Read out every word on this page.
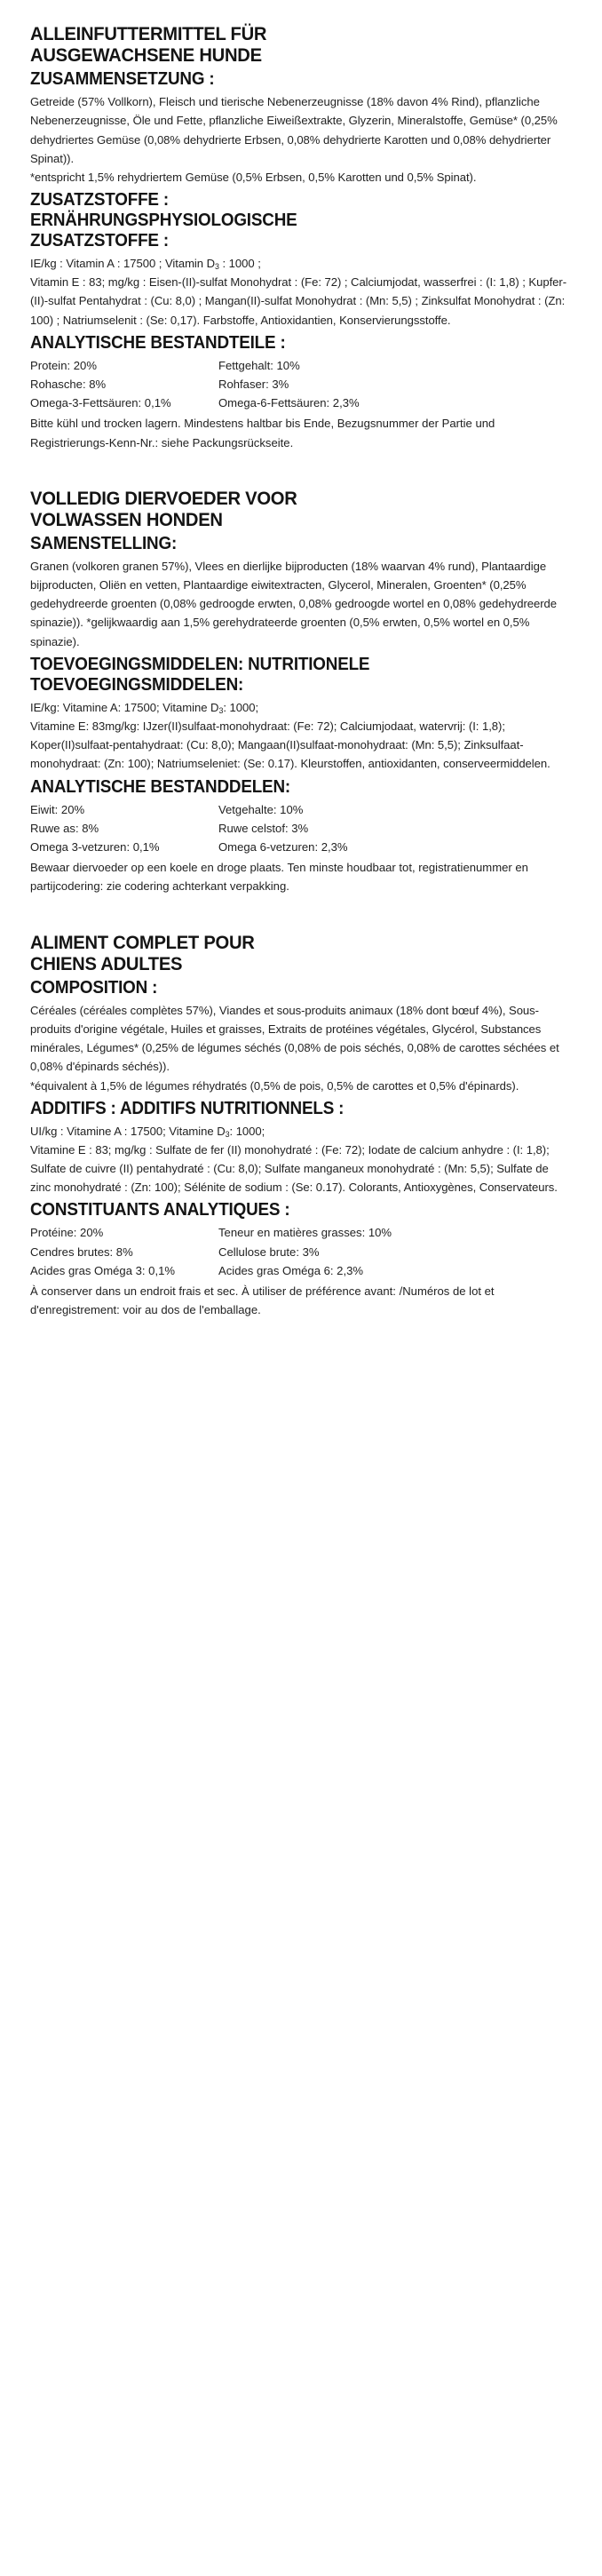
ALLEINFUTTERMITTEL FÜR
AUSGEWACHSENE HUNDE
ZUSAMMENSETZUNG :

Getreide (57% Vollkorn), Fleisch und tierische Nebenerzeugnisse (18% davon 4% Rind), pflanzliche Nebenerzeugnisse, Öle und Fette, pflanzliche Eiweißextrakte, Glyzerin, Mineralstoffe, Gemüse* (0,25% dehydriertes Gemüse (0,08% dehydrierte Erbsen, 0,08% dehydrierte Karotten und 0,08% dehydrierter Spinat)).

*entspricht 1,5% rehydriertem Gemüse (0,5% Erbsen, 0,5% Karotten und 0,5% Spinat).

ZUSATZSTOFFE :
ERNÄHRUNGSPHYSIOLOGISCHE
ZUSATZSTOFFE :

IE/kg : Vitamin A : 17500 ; Vitamin $D_3$ : 1000 ;

Vitamin E : 83; mg/kg : Eisen-(II)-sulfat Monohydrat : (Fe: 72) ; Calciumjodat, wasserfrei : (I: 1,8) ; Kupfer-(II)-sulfat Pentahydrat : (Cu: 8,0) ; Mangan(II)-sulfat Monohydrat : (Mn: 5,5) ; Zinksulfat Monohydrat : (Zn: 100) ; Natriumselenit : (Se: 0,17). Farbstoffe, Antioxidantien, Konservierungsstoffe.

ANALYTISCHE BESTANDTEILE :
Protein: 20%	Fettgehalt: 10%
Rohasche: 8%	Rohfaser: 3%
Omega-3-Fettsäuren: 0,1%	Omega-6-Fettsäuren: 2,3%

Bitte kühl und trocken lagern. Mindestens haltbar bis Ende, Bezugsnummer der Partie und Registrierungs-Kenn-Nr.: siehe Packungsrückseite.

VOLLEDIG DIERVOEDER VOOR
VOLWASSEN HONDEN
SAMENSTELLING:

Granen (volkoren granen 57%), Vlees en dierlijke bijproducten (18% waarvan 4% rund), Plantaardige bijproducten, Oliën en vetten, Plantaardige eiwitextracten, Glycerol, Mineralen, Groenten* (0,25% gedehydreerde groenten (0,08% gedroogde erwten, 0,08% gedroogde wortel en 0,08% gedehydreerde spinazie)). *gelijkwaardig aan 1,5% gerehydrateerde groenten (0,5% erwten, 0,5% wortel en 0,5% spinazie).

TOEVOEGINGSMIDDELEN: NUTRITIONELE
TOEVOEGINGSMIDDELEN:

IE/kg: Vitamine A: 17500; Vitamine $D_3$: 1000;

Vitamine E: 83mg/kg: IJzer(II)sulfaat-monohydraat: (Fe: 72); Calciumjodaat, watervrij: (I: 1,8); Koper(II)sulfaat-pentahydraat: (Cu: 8,0); Mangaan(II)sulfaat-monohydraat: (Mn: 5,5); Zinksulfaat-monohydraat: (Zn: 100); Natriumseleniet: (Se: 0.17). Kleurstoffen, antioxidanten, conserveermiddelen.

ANALYTISCHE BESTANDDELEN:
Eiwit: 20%	Vetgehalte: 10%
Ruwe as: 8%	Ruwe celstof: 3%
Omega 3-vetzuren: 0,1%	Omega 6-vetzuren: 2,3%

Bewaar diervoeder op een koele en droge plaats. Ten minste houdbaar tot, registratienummer en partijcodering: zie codering achterkant verpakking.

ALIMENT COMPLET POUR
CHIENS ADULTES
COMPOSITION :

Céréales (céréales complètes 57%), Viandes et sous-produits animaux (18% dont bœuf 4%), Sous-produits d'origine végétale, Huiles et graisses, Extraits de protéines végétales, Glycérol, Substances minérales, Légumes* (0,25% de légumes séchés (0,08% de pois séchés, 0,08% de carottes séchées et 0,08% d'épinards séchés)).

*équivalent à 1,5% de légumes réhydratés (0,5% de pois, 0,5% de carottes et 0,5% d'épinards).

ADDITIFS : ADDITIFS NUTRITIONNELS :

UI/kg : Vitamine A : 17500; Vitamine $D_3$: 1000;

Vitamine E : 83; mg/kg : Sulfate de fer (II) monohydraté : (Fe: 72); Iodate de calcium anhydre : (I: 1,8); Sulfate de cuivre (II) pentahydraté : (Cu: 8,0); Sulfate manganeux monohydraté : (Mn: 5,5); Sulfate de zinc monohydraté : (Zn: 100); Sélénite de sodium : (Se: 0.17). Colorants, Antioxygènes, Conservateurs.

CONSTITUANTS ANALYTIQUES :
Protéine: 20%	Teneur en matières grasses: 10%
Cendres brutes: 8%	Cellulose brute: 3%
Acides gras Oméga 3: 0,1%	Acides gras Oméga 6: 2,3%

À conserver dans un endroit frais et sec. À utiliser de préférence avant: /Numéros de lot et d'enregistrement: voir au dos de l'emballage.
